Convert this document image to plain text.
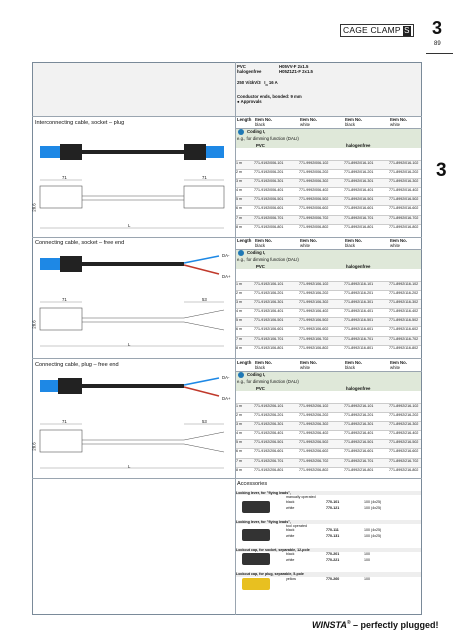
CAGE CLAMP S 3
89
3
PVC	H05VV-F 2x1.5
halogenfree	H05Z1Z1-F 2x1.5
250 V/4kV/3 $I_N$ 16 A
Conductor ends, bonded: 9 mm
● Approvals
Interconnecting cable, socket – plug
Length Item No.	Item No.	Item No.	Item No.
black	white	black	white
Coding I,
e.g., for dimming function (DALI)
PVC	halogenfree
1 m	771-9192/006-101	771-9992/006-102	771-8992/016-101	771-8992/016-102
2 m	771-9192/006-201	771-9992/006-202	771-8992/016-201	771-8992/016-202
3 m	771-9192/006-301	771-9992/006-302	771-8992/016-301	771-8992/016-302
4 m	771-9192/006-401	771-9992/006-402	771-8992/016-401	771-8992/016-402
5 m	771-9192/006-501	771-9992/006-502	771-8992/016-501	771-8992/016-502
6 m	771-9192/006-601	771-9992/006-602	771-8992/016-601	771-8992/016-602
7 m	771-9192/006-701	771-9992/006-702	771-8992/016-701	771-8992/016-702
8 m	771-9192/006-801	771-9992/006-802	771-8992/016-801	771-8992/016-802
71	71
L
28.6
Connecting cable, socket – free end	Length Item No.	Item No.	Item No.	Item No.
black	white	black	white
Coding I,
e.g., for dimming function (DALI)
PVC	halogenfree
1 m	771-9192/106-101	771-9992/106-102	771-8992/116-101	771-8992/116-102
2 m	771-9192/106-201	771-9992/106-202	771-8992/116-201	771-8992/116-202
3 m	771-9192/106-301	771-9992/106-302	771-8992/116-301	771-8992/116-302
4 m	771-9192/106-401	771-9992/106-402	771-8992/116-401	771-8992/116-402
5 m	771-9192/106-501	771-9992/106-502	771-8992/116-501	771-8992/116-502
6 m	771-9192/106-601	771-9992/106-602	771-8992/116-601	771-8992/116-602
7 m	771-9192/106-701	771-9992/106-702	771-8992/116-701	771-8992/116-702
8 m	771-9192/106-801	771-9992/106-802	771-8992/116-801	771-8992/116-802
DA-
DA+
71	53
L
28.6
Connecting cable, plug – free end	Length Item No.	Item No.	Item No.	Item No.
black	white	black	white
Coding I,
e.g., for dimming function (DALI)
PVC	halogenfree
1 m	771-9192/206-101	771-9992/206-102	771-8992/216-101	771-8992/216-102
2 m	771-9192/206-201	771-9992/206-202	771-8992/216-201	771-8992/216-202
3 m	771-9192/206-301	771-9992/206-302	771-8992/216-301	771-8992/216-302
4 m	771-9192/206-401	771-9992/206-402	771-8992/216-401	771-8992/216-402
5 m	771-9192/206-501	771-9992/206-502	771-8992/216-501	771-8992/216-502
6 m	771-9192/206-601	771-9992/206-602	771-8992/216-601	771-8992/216-602
7 m	771-9192/206-701	771-9992/206-702	771-8992/216-701	771-8992/216-702
8 m	771-9192/206-801	771-9992/206-802	771-8992/216-801	771-8992/216-802
DA-
DA+
71	53
L
28.6
Accessories
Locking lever, for "flying leads",
manually operated
black	770-101	100 (4x25)
white	770-121	100 (4x25)
Locking lever, for "flying leads",
tool operated
black	770-111	100 (4x25)
white	770-131	100 (4x25)
Lockout cap, for socket, separable, 12-pole
black	770-201	100
white	770-221	100
Lockout cap, for plug, separable, 5-pole
yellow	770-260	100
WINSTA® – perfectly plugged!
